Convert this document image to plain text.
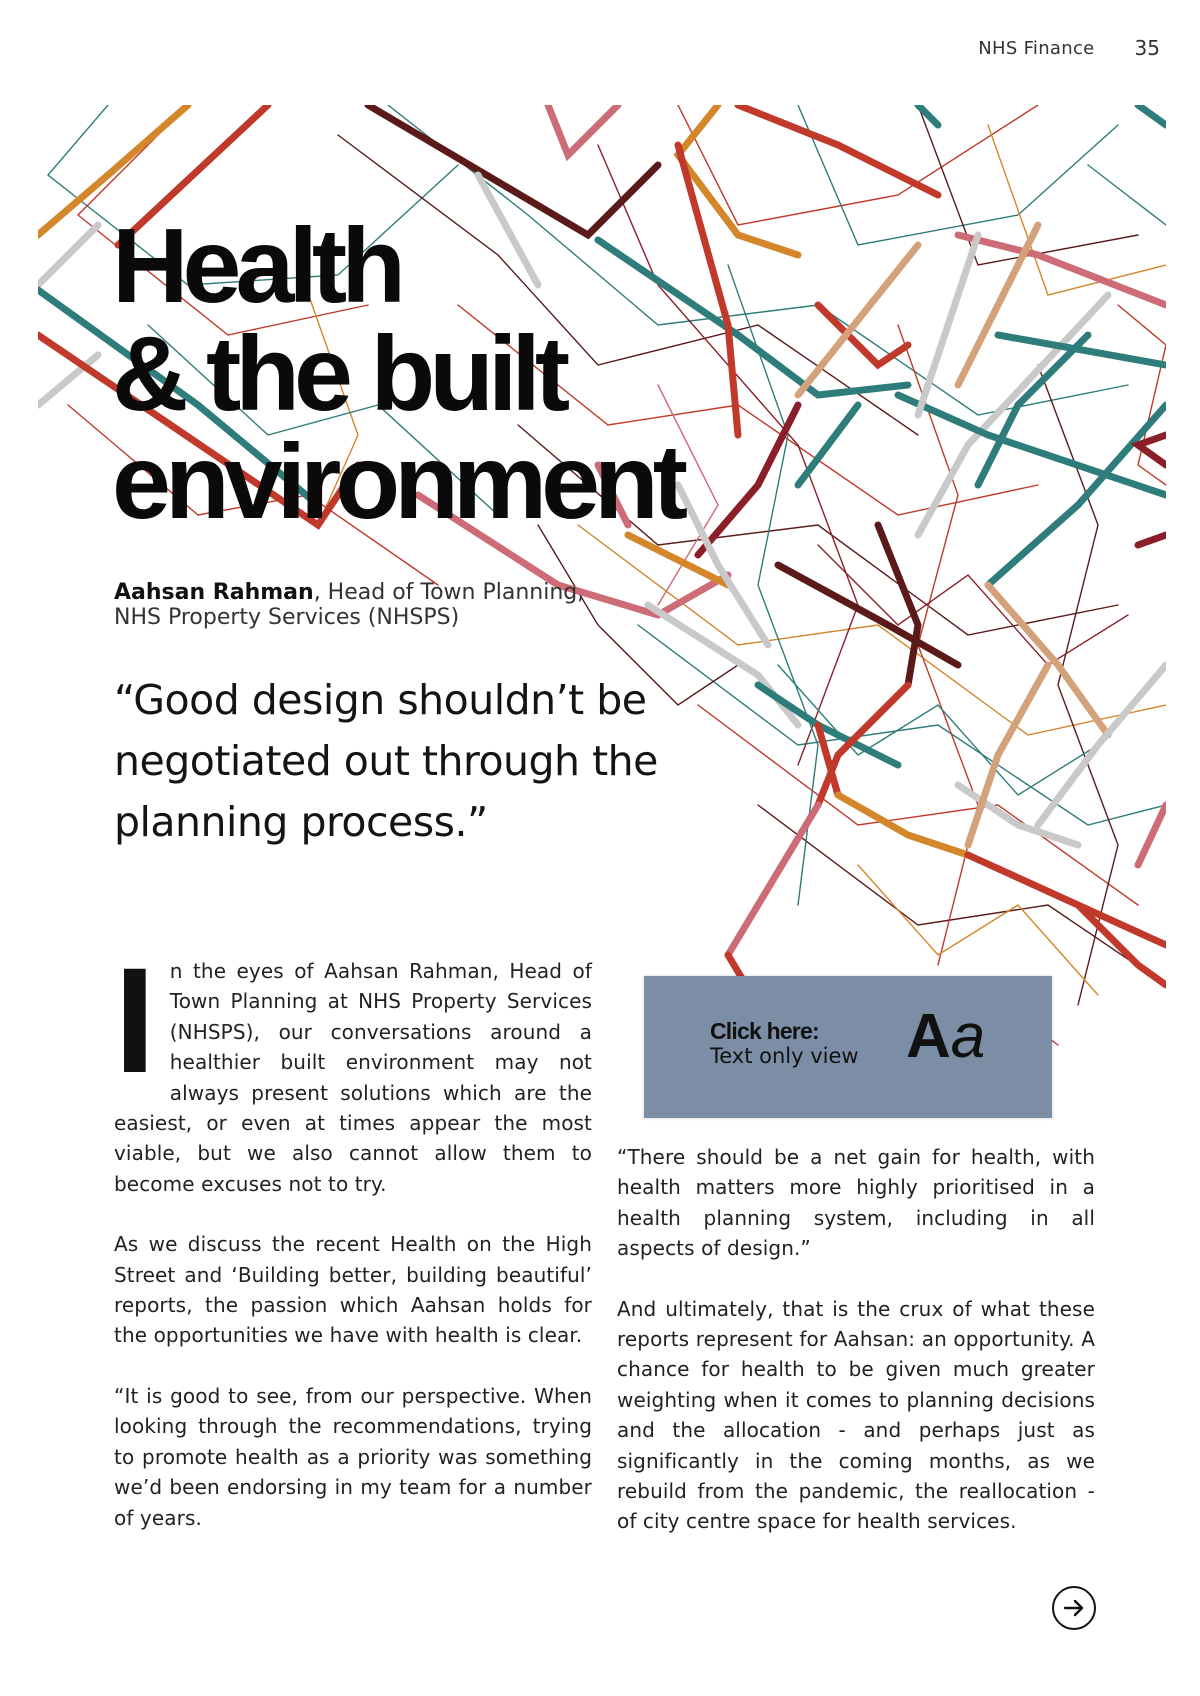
NHS Finance 35
Health
& the built
environment
Aahsan Rahman, Head of Town Planning,
NHS Property Services (NHSPS)

“Good design shouldn’t be negotiated out through the planning process.”

In the eyes of Aahsan Rahman, Head of Town Planning at NHS Property Services (NHSPS), our conversations around a healthier built environment may not always present solutions which are the easiest, or even at times appear the most viable, but we also cannot allow them to become excuses not to try.

As we discuss the recent Health on the High Street and ‘Building better, building beautiful’ reports, the passion which Aahsan holds for the opportunities we have with health is clear.

“It is good to see, from our perspective. When looking through the recommendations, trying to promote health as a priority was something we’d been endorsing in my team for a number of years.

Click here:
Text only view Aa

“There should be a net gain for health, with health matters more highly prioritised in a health planning system, including in all aspects of design.”

And ultimately, that is the crux of what these reports represent for Aahsan: an opportunity. A chance for health to be given much greater weighting when it comes to planning decisions and the allocation - and perhaps just as significantly in the coming months, as we rebuild from the pandemic, the reallocation - of city centre space for health services.
